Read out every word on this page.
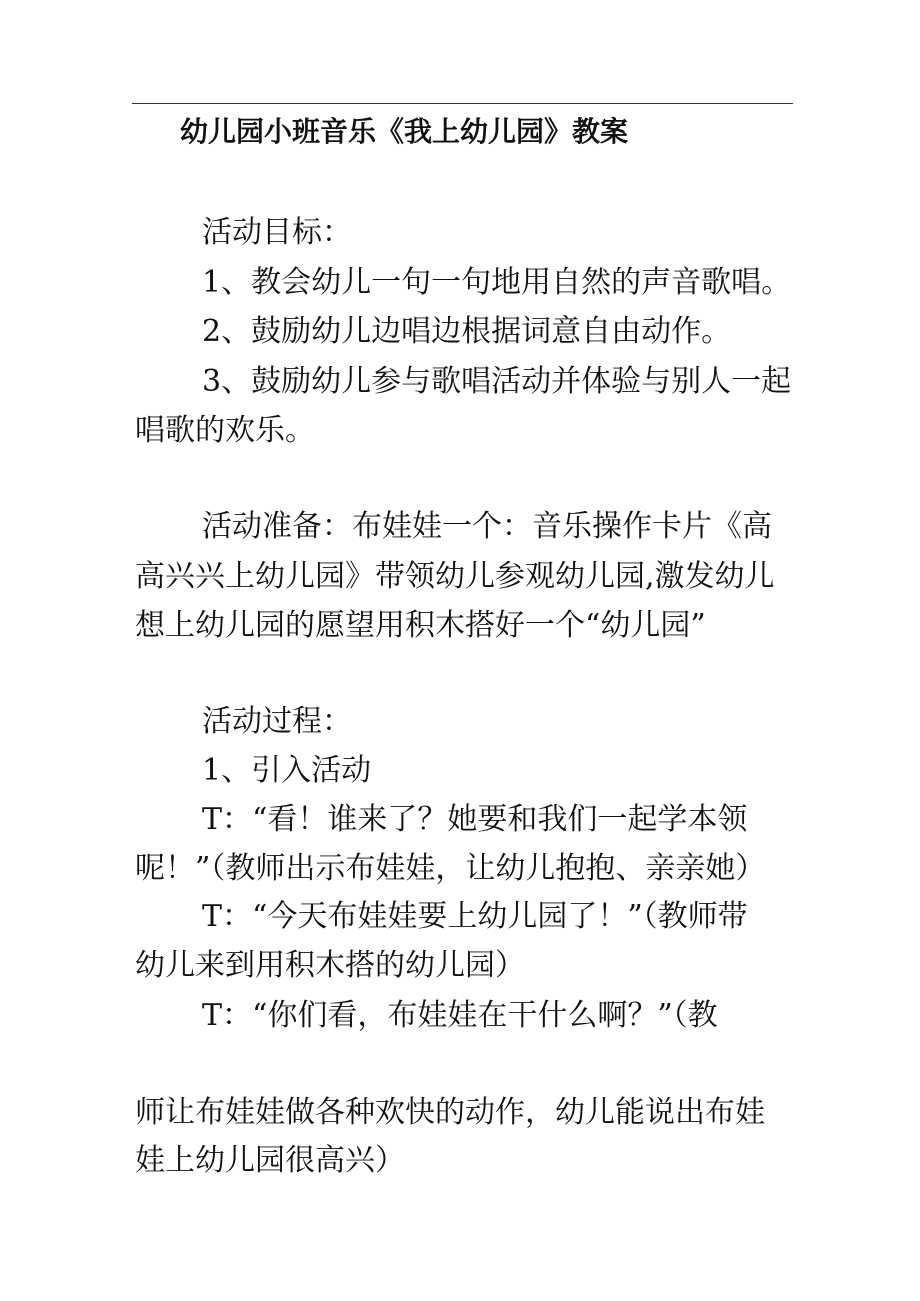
幼儿园小班音乐《我上幼儿园》教案
活动目标：
1、教会幼儿一句一句地用自然的声音歌唱。
2、鼓励幼儿边唱边根据词意自由动作。
3、鼓励幼儿参与歌唱活动并体验与别人一起
唱歌的欢乐。
活动准备：布娃娃一个：音乐操作卡片《高
高兴兴上幼儿园》带领幼儿参观幼儿园,激发幼儿
想上幼儿园的愿望用积木搭好一个“幼儿园”
活动过程：
1、引入活动
T：“看！谁来了？她要和我们一起学本领
呢！”（教师出示布娃娃，让幼儿抱抱、亲亲她）
T：“今天布娃娃要上幼儿园了！”（教师带
幼儿来到用积木搭的幼儿园）
T：“你们看，布娃娃在干什么啊？”（教
师让布娃娃做各种欢快的动作，幼儿能说出布娃
娃上幼儿园很高兴）
